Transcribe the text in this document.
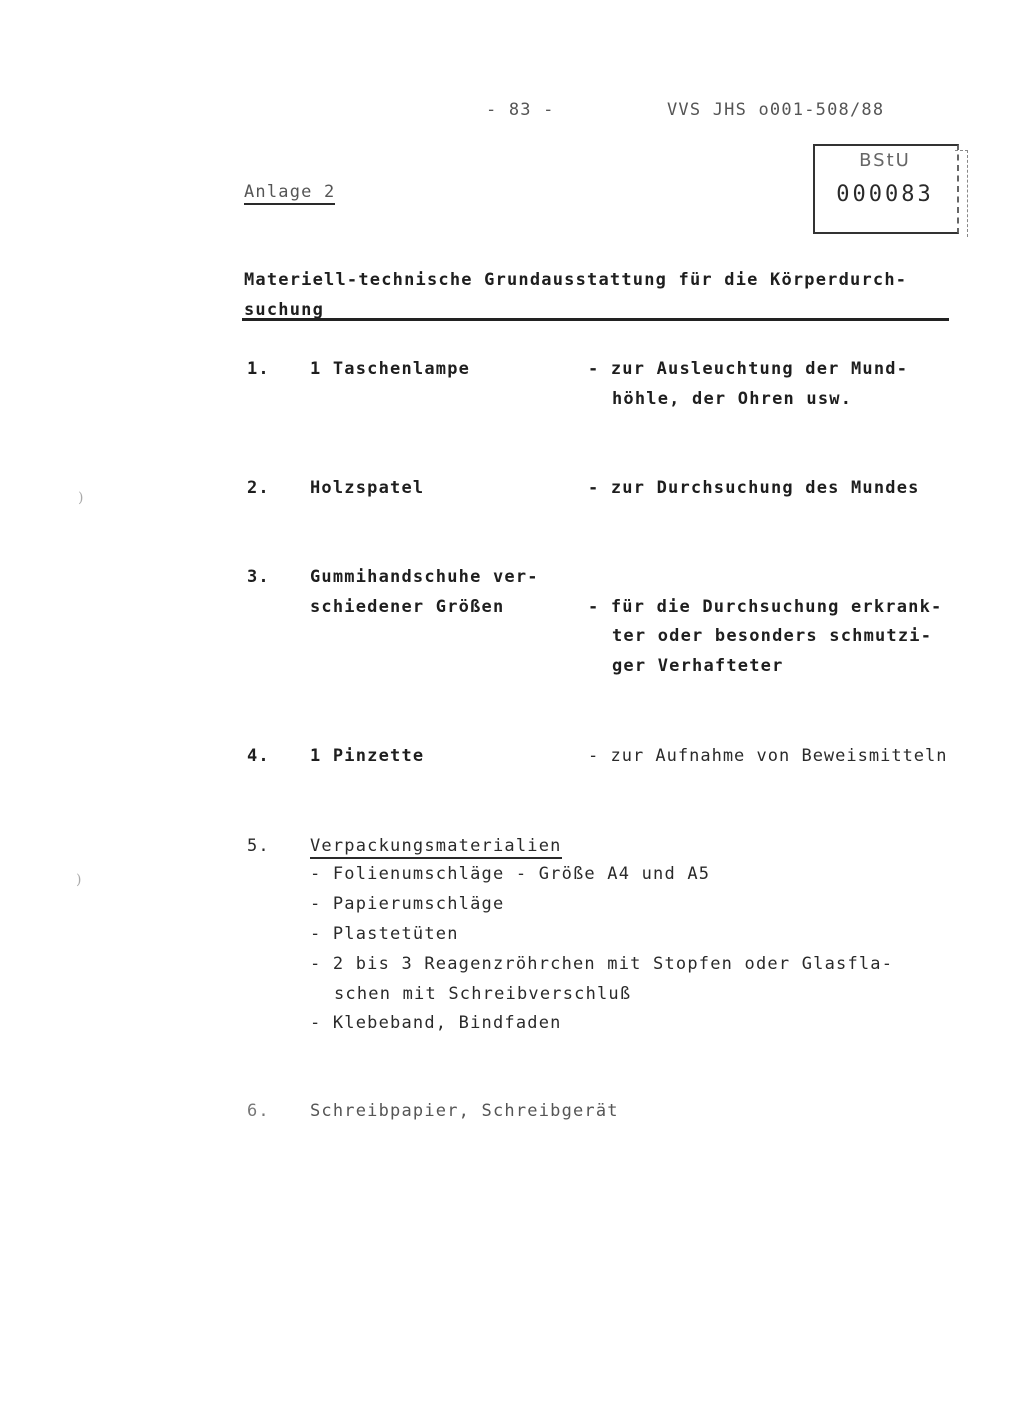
- 83 -	VVS JHS o001-508/88
BStU
000083
Anlage 2
Materiell-technische Grundausstattung für die Körperdurch-
suchung
1. 1 Taschenlampe	- zur Ausleuchtung der Mund-
höhle, der Ohren usw.
2. Holzspatel	- zur Durchsuchung des Mundes
3. Gummihandschuhe ver-
schiedener Größen	- für die Durchsuchung erkrank-
ter oder besonders schmutzi-
ger Verhafteter
4. 1 Pinzette	- zur Aufnahme von Beweismitteln
5. Verpackungsmaterialien
- Folienumschläge - Größe A4 und A5
- Papierumschläge
- Plastetüten
- 2 bis 3 Reagenzröhrchen mit Stopfen oder Glasfla-
schen mit Schreibverschluß
- Klebeband, Bindfaden
6. Schreibpapier, Schreibgerät
)
)
